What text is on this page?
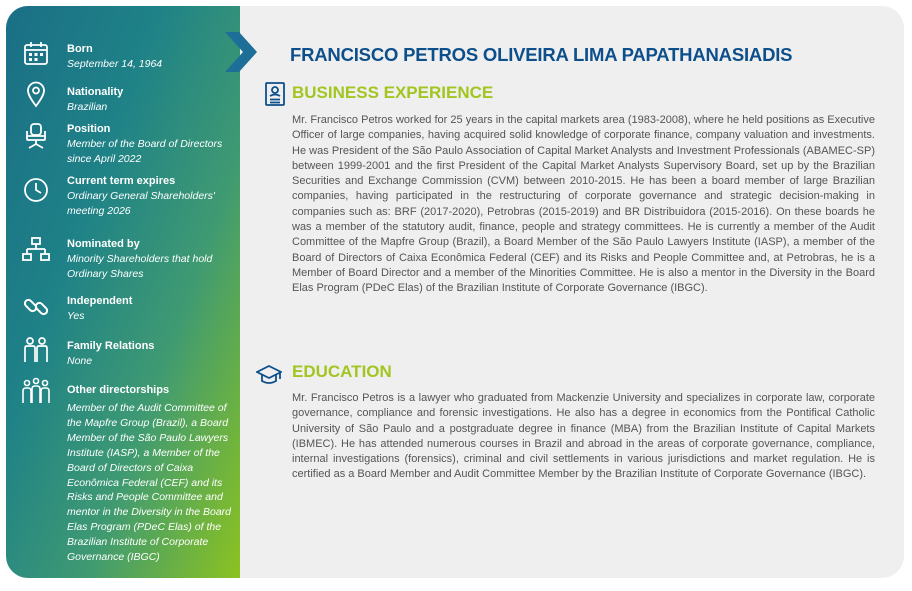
Born
September 14, 1964
Nationality
Brazilian
Position
Member of the Board of Directors since April 2022
Current term expires
Ordinary General Shareholders' meeting 2026
Nominated by
Minority Shareholders that hold Ordinary Shares
Independent
Yes
Family Relations
None
Other directorships
Member of the Audit Committee of the Mapfre Group (Brazil), a Board Member of the São Paulo Lawyers Institute (IASP), a Member of the Board of Directors of Caixa Econômica Federal (CEF) and its Risks and People Committee and mentor in the Diversity in the Board Elas Program (PDeC Elas) of the Brazilian Institute of Corporate Governance (IBGC)
FRANCISCO PETROS OLIVEIRA LIMA PAPATHANASIADIS
BUSINESS EXPERIENCE
Mr. Francisco Petros worked for 25 years in the capital markets area (1983-2008), where he held positions as Executive Officer of large companies, having acquired solid knowledge of corporate finance, company valuation and investments. He was President of the São Paulo Association of Capital Market Analysts and Investment Professionals (ABAMEC-SP) between 1999-2001 and the first President of the Capital Market Analysts Supervisory Board, set up by the Brazilian Securities and Exchange Commission (CVM) between 2010-2015. He has been a board member of large Brazilian companies, having participated in the restructuring of corporate governance and strategic decision-making in companies such as: BRF (2017-2020), Petrobras (2015-2019) and BR Distribuidora (2015-2016). On these boards he was a member of the statutory audit, finance, people and strategy committees. He is currently a member of the Audit Committee of the Mapfre Group (Brazil), a Board Member of the São Paulo Lawyers Institute (IASP), a member of the Board of Directors of Caixa Econômica Federal (CEF) and its Risks and People Committee and, at Petrobras, he is a Member of Board Director and a member of the Minorities Committee. He is also a mentor in the Diversity in the Board Elas Program (PDeC Elas) of the Brazilian Institute of Corporate Governance (IBGC).
EDUCATION
Mr. Francisco Petros is a lawyer who graduated from Mackenzie University and specializes in corporate law, corporate governance, compliance and forensic investigations. He also has a degree in economics from the Pontifical Catholic University of São Paulo and a postgraduate degree in finance (MBA) from the Brazilian Institute of Capital Markets (IBMEC). He has attended numerous courses in Brazil and abroad in the areas of corporate governance, compliance, internal investigations (forensics), criminal and civil settlements in various jurisdictions and market regulation. He is certified as a Board Member and Audit Committee Member by the Brazilian Institute of Corporate Governance (IBGC).
